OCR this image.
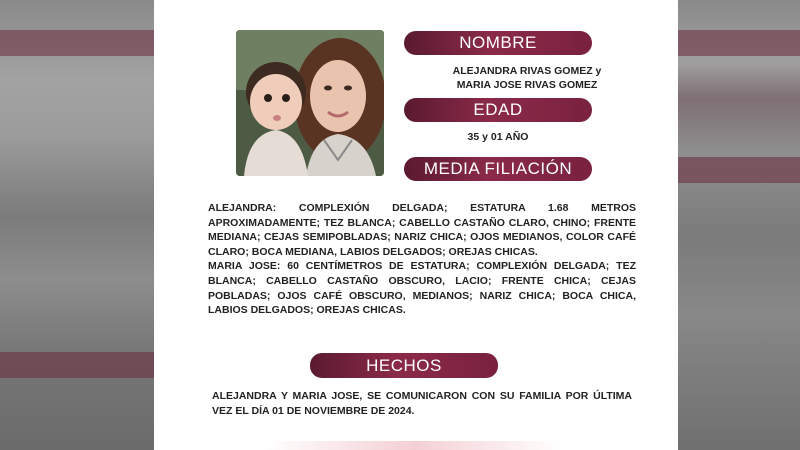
NOMBRE
ALEJANDRA RIVAS GOMEZ y
MARIA JOSE RIVAS GOMEZ
EDAD
35 y 01 AÑO
MEDIA FILIACIÓN

ALEJANDRA: COMPLEXIÓN DELGADA; ESTATURA 1.68 METROS APROXIMADAMENTE; TEZ BLANCA; CABELLO CASTAÑO CLARO, CHINO; FRENTE MEDIANA; CEJAS SEMIPOBLADAS; NARIZ CHICA; OJOS MEDIANOS, COLOR CAFÉ CLARO; BOCA MEDIANA, LABIOS DELGADOS; OREJAS CHICAS.

MARIA JOSE: 60 CENTÍMETROS DE ESTATURA; COMPLEXIÓN DELGADA; TEZ BLANCA; CABELLO CASTAÑO OBSCURO, LACIO; FRENTE CHICA; CEJAS POBLADAS; OJOS CAFÉ OBSCURO, MEDIANOS; NARIZ CHICA; BOCA CHICA, LABIOS DELGADOS; OREJAS CHICAS.

HECHOS

ALEJANDRA Y MARIA JOSE, SE COMUNICARON CON SU FAMILIA POR ÚLTIMA VEZ EL DÍA 01 DE NOVIEMBRE DE 2024.
